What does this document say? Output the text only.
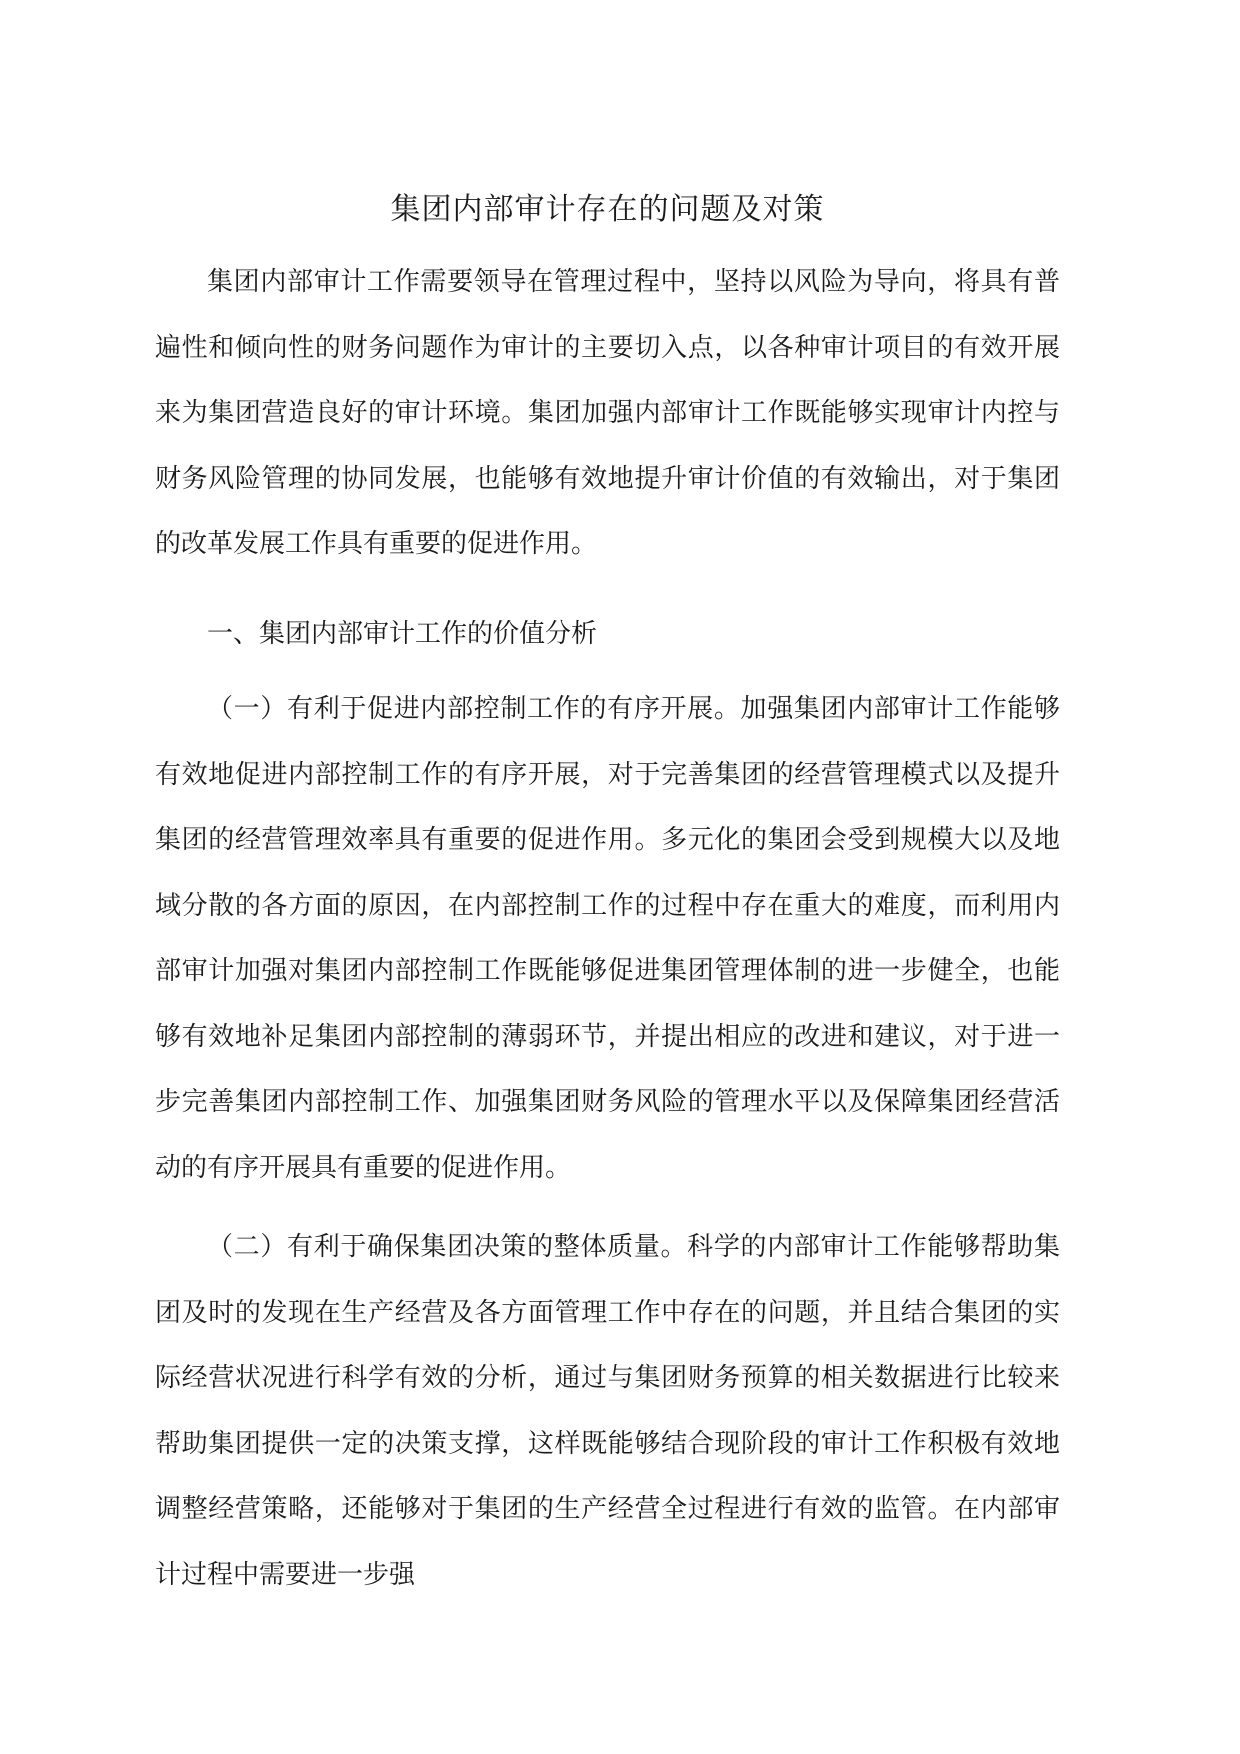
集团内部审计存在的问题及对策

集团内部审计工作需要领导在管理过程中，坚持以风险为导向，将具有普遍性和倾向性的财务问题作为审计的主要切入点，以各种审计项目的有效开展来为集团营造良好的审计环境。集团加强内部审计工作既能够实现审计内控与财务风险管理的协同发展，也能够有效地提升审计价值的有效输出，对于集团的改革发展工作具有重要的促进作用。

一、集团内部审计工作的价值分析

（一）有利于促进内部控制工作的有序开展。加强集团内部审计工作能够有效地促进内部控制工作的有序开展，对于完善集团的经营管理模式以及提升集团的经营管理效率具有重要的促进作用。多元化的集团会受到规模大以及地域分散的各方面的原因，在内部控制工作的过程中存在重大的难度，而利用内部审计加强对集团内部控制工作既能够促进集团管理体制的进一步健全，也能够有效地补足集团内部控制的薄弱环节，并提出相应的改进和建议，对于进一步完善集团内部控制工作、加强集团财务风险的管理水平以及保障集团经营活动的有序开展具有重要的促进作用。

（二）有利于确保集团决策的整体质量。科学的内部审计工作能够帮助集团及时的发现在生产经营及各方面管理工作中存在的问题，并且结合集团的实际经营状况进行科学有效的分析，通过与集团财务预算的相关数据进行比较来帮助集团提供一定的决策支撑，这样既能够结合现阶段的审计工作积极有效地调整经营策略，还能够对于集团的生产经营全过程进行有效的监管。在内部审计过程中需要进一步强
